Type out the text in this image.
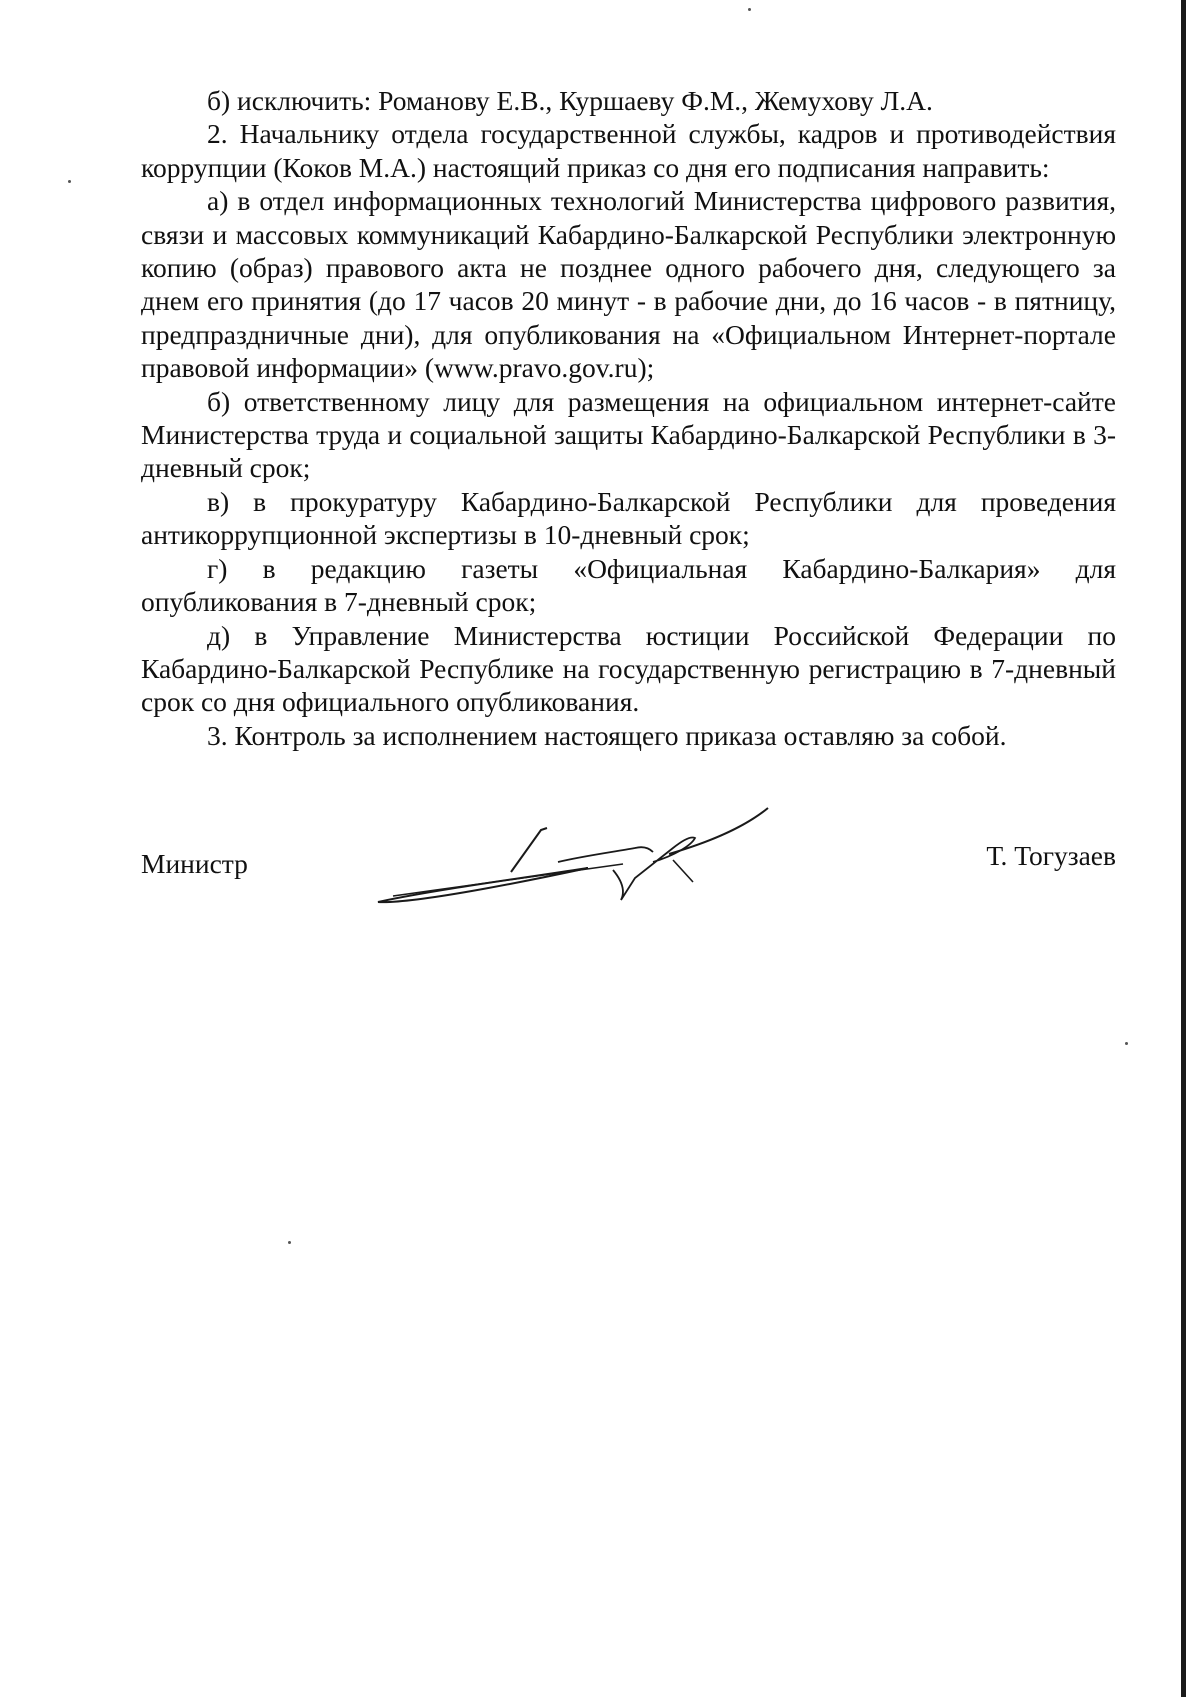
б) исключить: Романову Е.В., Куршаеву Ф.М., Жемухову Л.А.

2. Начальнику отдела государственной службы, кадров и противодействия коррупции (Коков М.А.) настоящий приказ со дня его подписания направить:

а) в отдел информационных технологий Министерства цифрового развития, связи и массовых коммуникаций Кабардино-Балкарской Республики электронную копию (образ) правового акта не позднее одного рабочего дня, следующего за днем его принятия (до 17 часов 20 минут - в рабочие дни, до 16 часов - в пятницу, предпраздничные дни), для опубликования на «Официальном Интернет-портале правовой информации» (www.pravo.gov.ru);

б) ответственному лицу для размещения на официальном интернет-сайте Министерства труда и социальной защиты Кабардино-Балкарской Республики в 3-дневный срок;

в) в прокуратуру Кабардино-Балкарской Республики для проведения антикоррупционной экспертизы в 10-дневный срок;

г) в редакцию газеты «Официальная Кабардино-Балкария» для опубликования в 7-дневный срок;

д) в Управление Министерства юстиции Российской Федерации по Кабардино-Балкарской Республике на государственную регистрацию в 7-дневный срок со дня официального опубликования.

3. Контроль за исполнением настоящего приказа оставляю за собой.

Министр	Т. Тогузаев
